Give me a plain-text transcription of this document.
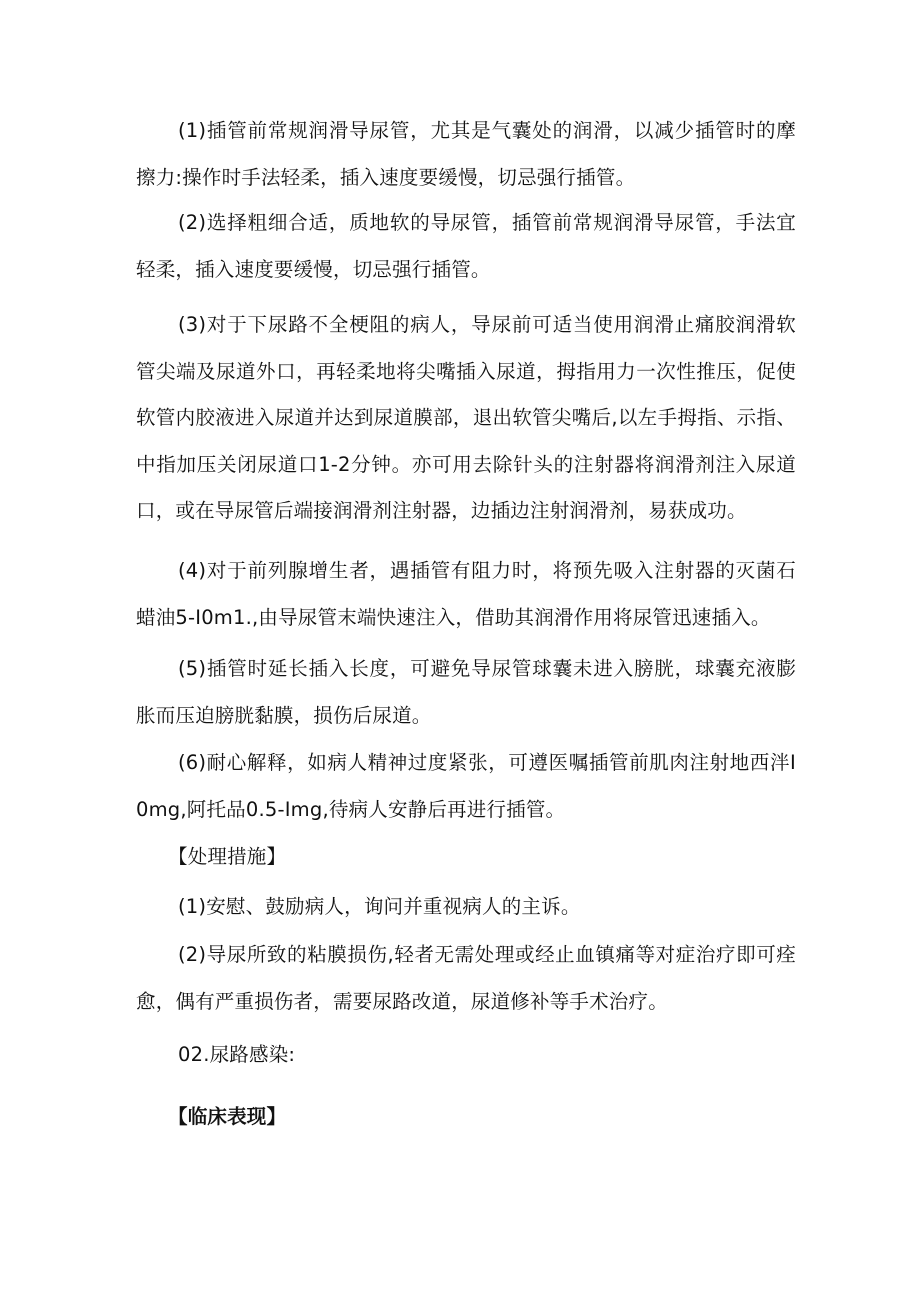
(1)插管前常规润滑导尿管，尤其是气囊处的润滑，以减少插管时的摩擦力:操作时手法轻柔，插入速度要缓慢，切忌强行插管。

(2)选择粗细合适，质地软的导尿管，插管前常规润滑导尿管，手法宜轻柔，插入速度要缓慢，切忌强行插管。

(3)对于下尿路不全梗阻的病人，导尿前可适当使用润滑止痛胶润滑软管尖端及尿道外口，再轻柔地将尖嘴插入尿道，拇指用力一次性推压，促使软管内胶液进入尿道并达到尿道膜部，退出软管尖嘴后,以左手拇指、示指、中指加压关闭尿道口1-2分钟。亦可用去除针头的注射器将润滑剂注入尿道口，或在导尿管后端接润滑剂注射器，边插边注射润滑剂，易获成功。

(4)对于前列腺增生者，遇插管有阻力时，将预先吸入注射器的灭菌石蜡油5-I0m1.,由导尿管末端快速注入，借助其润滑作用将尿管迅速插入。

(5)插管时延长插入长度，可避免导尿管球囊未进入膀胱，球囊充液膨胀而压迫膀胱黏膜，损伤后尿道。

(6)耐心解释，如病人精神过度紧张，可遵医嘱插管前肌肉注射地西泮I0mg,阿托品0.5-Img,待病人安静后再进行插管。

【处理措施】

(1)安慰、鼓励病人，询问并重视病人的主诉。

(2)导尿所致的粘膜损伤,轻者无需处理或经止血镇痛等对症治疗即可痊愈，偶有严重损伤者，需要尿路改道，尿道修补等手术治疗。

02.尿路感染:

【临床表现】
